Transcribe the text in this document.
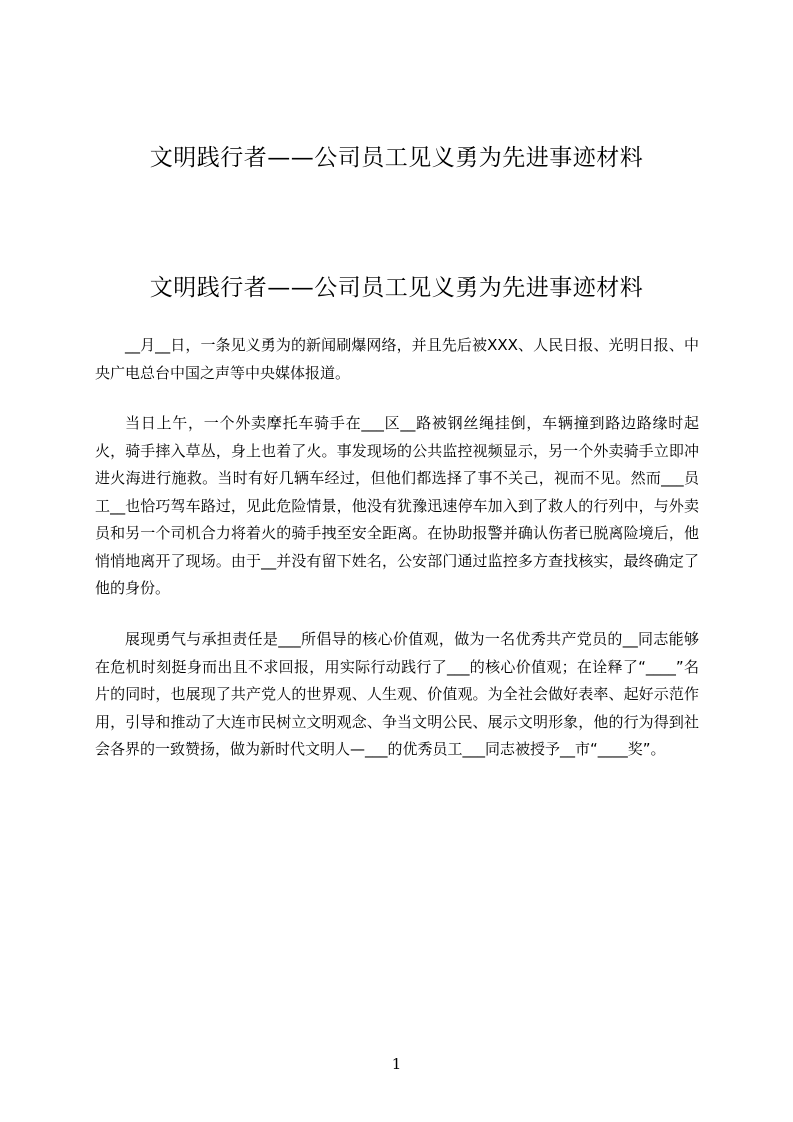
文明践行者——公司员工见义勇为先进事迹材料
文明践行者——公司员工见义勇为先进事迹材料

__月__日，一条见义勇为的新闻刷爆网络，并且先后被XXX、人民日报、光明日报、中央广电总台中国之声等中央媒体报道。

当日上午，一个外卖摩托车骑手在___区__路被钢丝绳挂倒，车辆撞到路边路缘时起火，骑手摔入草丛，身上也着了火。事发现场的公共监控视频显示，另一个外卖骑手立即冲进火海进行施救。当时有好几辆车经过，但他们都选择了事不关己，视而不见。然而___员工__也恰巧驾车路过，见此危险情景，他没有犹豫迅速停车加入到了救人的行列中，与外卖员和另一个司机合力将着火的骑手拽至安全距离。在协助报警并确认伤者已脱离险境后，他悄悄地离开了现场。由于__并没有留下姓名，公安部门通过监控多方查找核实，最终确定了他的身份。

展现勇气与承担责任是___所倡导的核心价值观，做为一名优秀共产党员的__同志能够在危机时刻挺身而出且不求回报，用实际行动践行了___的核心价值观；在诠释了“____”名片的同时，也展现了共产党人的世界观、人生观、价值观。为全社会做好表率、起好示范作用，引导和推动了大连市民树立文明观念、争当文明公民、展示文明形象，他的行为得到社会各界的一致赞扬，做为新时代文明人—___的优秀员工___同志被授予__市“____奖”。

1
